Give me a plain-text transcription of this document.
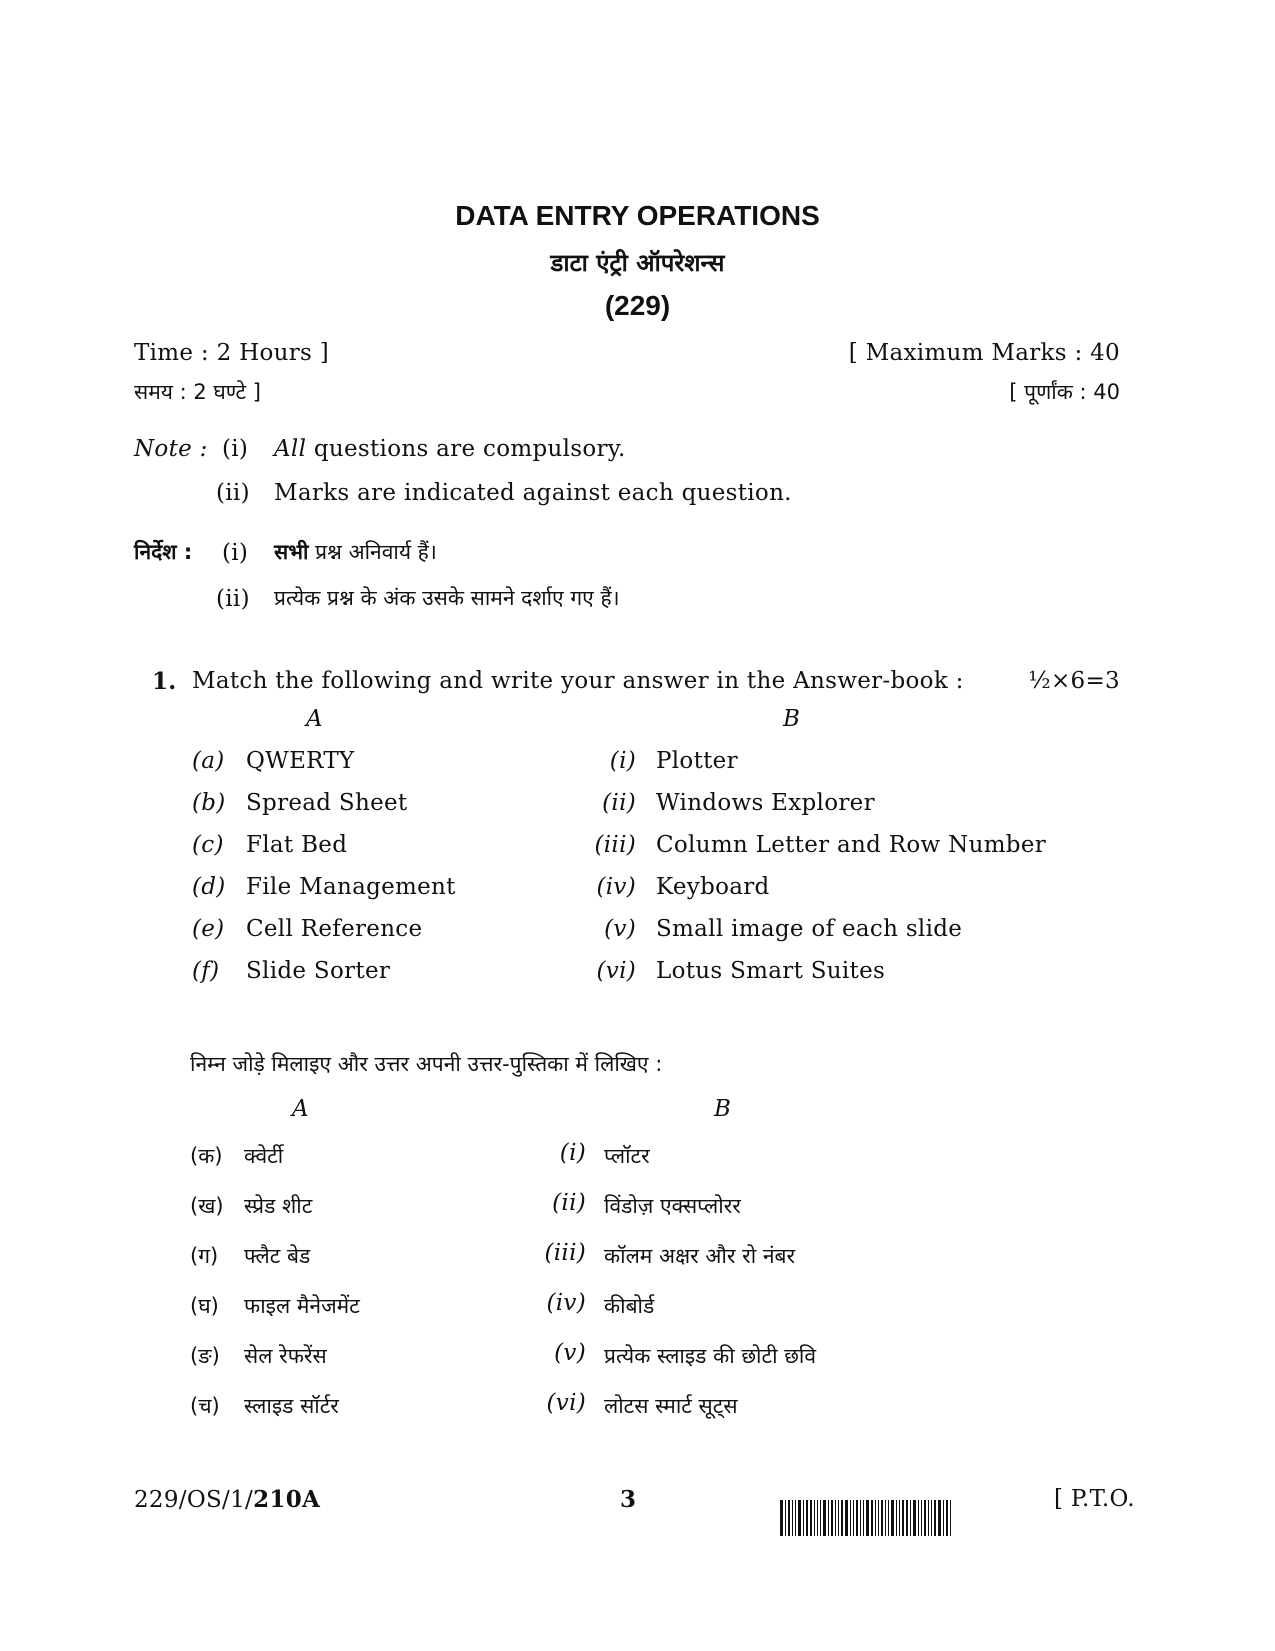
DATA ENTRY OPERATIONS
डाटा एंट्री ऑपरेशन्स
(229)
Time : 2 Hours ]
समय : 2 घण्टे ]
[ Maximum Marks : 40
[ पूर्णांक : 40
Note : (i) All questions are compulsory.
(ii) Marks are indicated against each question.
निर्देश : (i) सभी प्रश्न अनिवार्य हैं।
(ii) प्रत्येक प्रश्न के अंक उसके सामने दर्शाए गए हैं।
1. Match the following and write your answer in the Answer-book :	½×6=3
A	B
(a) QWERTY	(i) Plotter
(b) Spread Sheet	(ii) Windows Explorer
(c) Flat Bed	(iii) Column Letter and Row Number
(d) File Management	(iv) Keyboard
(e) Cell Reference	(v) Small image of each slide
(f) Slide Sorter	(vi) Lotus Smart Suites
निम्न जोड़े मिलाइए और उत्तर अपनी उत्तर-पुस्तिका में लिखिए :
A	B
(क) क्वेर्टी	(i) प्लॉटर
(ख) स्प्रेड शीट	(ii) विंडोज़ एक्सप्लोरर
(ग) फ्लैट बेड	(iii) कॉलम अक्षर और रो नंबर
(घ) फाइल मैनेजमेंट	(iv) कीबोर्ड
(ङ) सेल रेफरेंस	(v) प्रत्येक स्लाइड की छोटी छवि
(च) स्लाइड सॉर्टर	(vi) लोटस स्मार्ट सूट्स
229/OS/1/210A	3	[ P.T.O.
